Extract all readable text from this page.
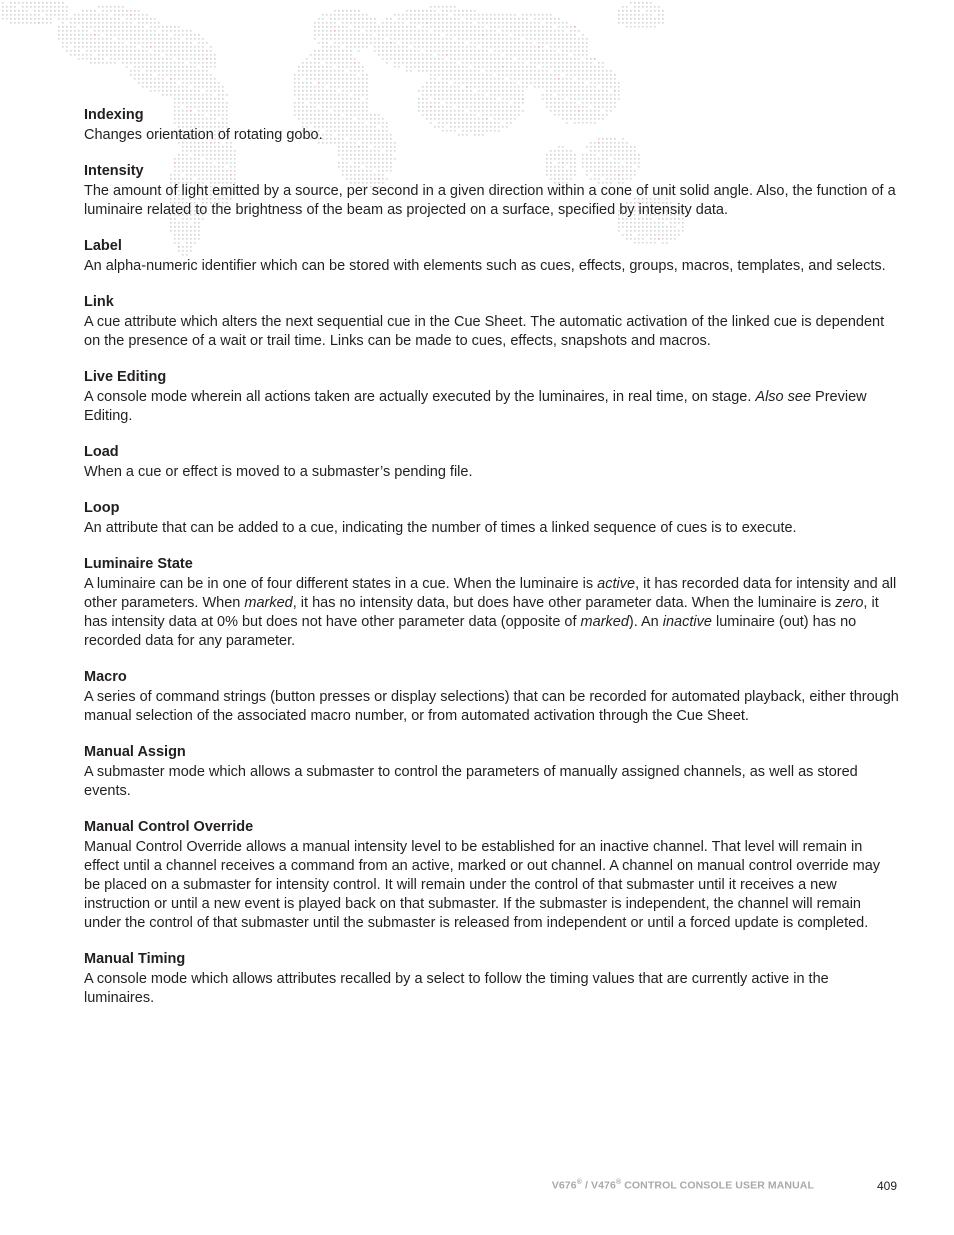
Indexing

Changes orientation of rotating gobo.

Intensity

The amount of light emitted by a source, per second in a given direction within a cone of unit solid angle. Also, the function of a luminaire related to the brightness of the beam as projected on a surface, specified by intensity data.

Label

An alpha-numeric identifier which can be stored with elements such as cues, effects, groups, macros, templates, and selects.

Link

A cue attribute which alters the next sequential cue in the Cue Sheet. The automatic activation of the linked cue is dependent on the presence of a wait or trail time. Links can be made to cues, effects, snapshots and macros.

Live Editing

A console mode wherein all actions taken are actually executed by the luminaires, in real time, on stage. Also see Preview Editing.

Load

When a cue or effect is moved to a submaster’s pending file.

Loop

An attribute that can be added to a cue, indicating the number of times a linked sequence of cues is to execute.

Luminaire State

A luminaire can be in one of four different states in a cue. When the luminaire is active, it has recorded data for intensity and all other parameters. When marked, it has no intensity data, but does have other parameter data. When the luminaire is zero, it has intensity data at 0% but does not have other parameter data (opposite of marked). An inactive luminaire (out) has no recorded data for any parameter.

Macro

A series of command strings (button presses or display selections) that can be recorded for automated playback, either through manual selection of the associated macro number, or from automated activation through the Cue Sheet.

Manual Assign

A submaster mode which allows a submaster to control the parameters of manually assigned channels, as well as stored events.

Manual Control Override

Manual Control Override allows a manual intensity level to be established for an inactive channel. That level will remain in effect until a channel receives a command from an active, marked or out channel. A channel on manual control override may be placed on a submaster for intensity control. It will remain under the control of that submaster until it receives a new instruction or until a new event is played back on that submaster. If the submaster is independent, the channel will remain under the control of that submaster until the submaster is released from independent or until a forced update is completed.

Manual Timing

A console mode which allows attributes recalled by a select to follow the timing values that are currently active in the luminaires.

V676® / V476® CONTROL CONSOLE USER MANUAL	409
